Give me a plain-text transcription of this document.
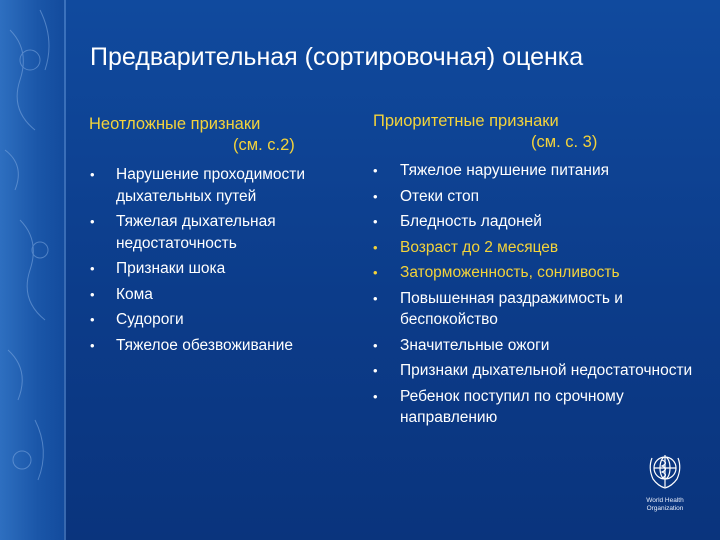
Предварительная (сортировочная) оценка
Неотложные признаки
(см. с.2)
• Нарушение проходимости дыхательных путей
• Тяжелая дыхательная недостаточность
• Признаки шока
• Кома
• Судороги
• Тяжелое обезвоживание
Приоритетные признаки
(см. с. 3)
• Тяжелое нарушение питания
• Отеки стоп
• Бледность ладоней
• Возраст до 2 месяцев
• Заторможенность, сонливость
• Повышенная раздражимость и беспокойство
• Значительные ожоги
• Признаки дыхательной недостаточности
• Ребенок поступил по срочному направлению
World Health
Organization
